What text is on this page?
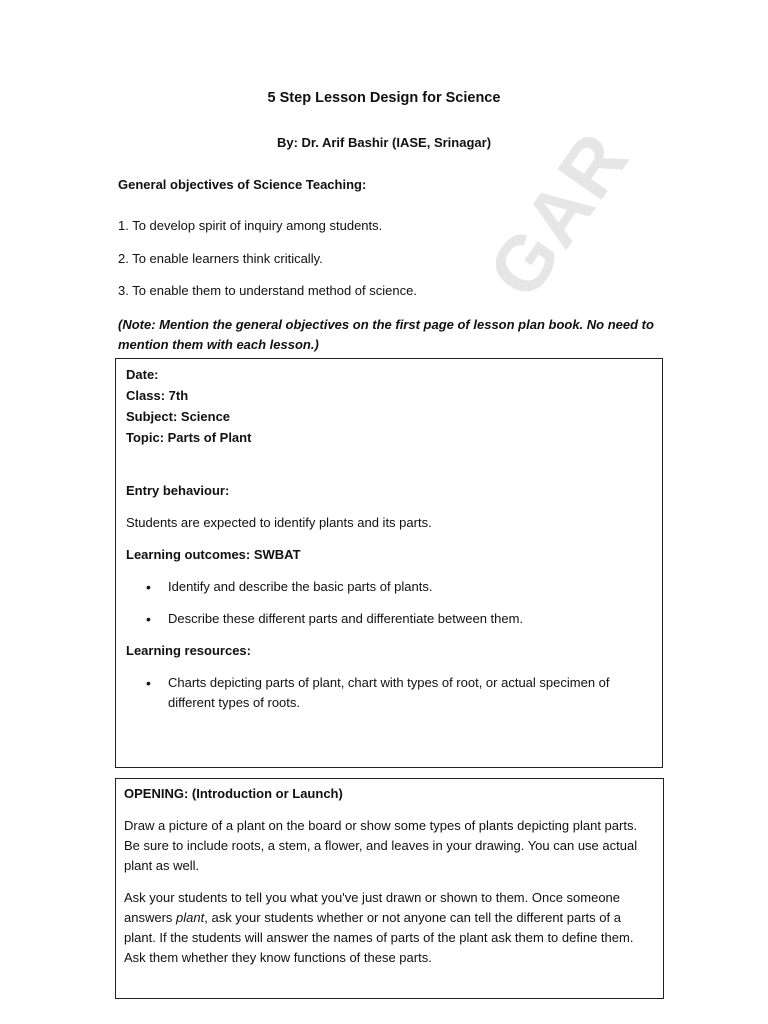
GAR
5 Step Lesson Design for Science
By: Dr. Arif Bashir (IASE, Srinagar)
General objectives of Science Teaching:
1. To develop spirit of inquiry among students.
2. To enable learners think critically.
3. To enable them to understand method of science.
(Note: Mention the general objectives on the first page of lesson plan book. No need to mention them with each lesson.)
Date:
Class: 7th
Subject: Science
Topic: Parts of Plant
Entry behaviour:

Students are expected to identify plants and its parts.

Learning outcomes: SWBAT

• Identify and describe the basic parts of plants.
• Describe these different parts and differentiate between them.

Learning resources:

• Charts depicting parts of plant, chart with types of root, or actual specimen of different types of roots.
OPENING: (Introduction or Launch)

Draw a picture of a plant on the board or show some types of plants depicting plant parts. Be sure to include roots, a stem, a flower, and leaves in your drawing. You can use actual plant as well.

Ask your students to tell you what you've just drawn or shown to them. Once someone answers plant, ask your students whether or not anyone can tell the different parts of a plant. If the students will answer the names of parts of the plant ask them to define them. Ask them whether they know functions of these parts.
